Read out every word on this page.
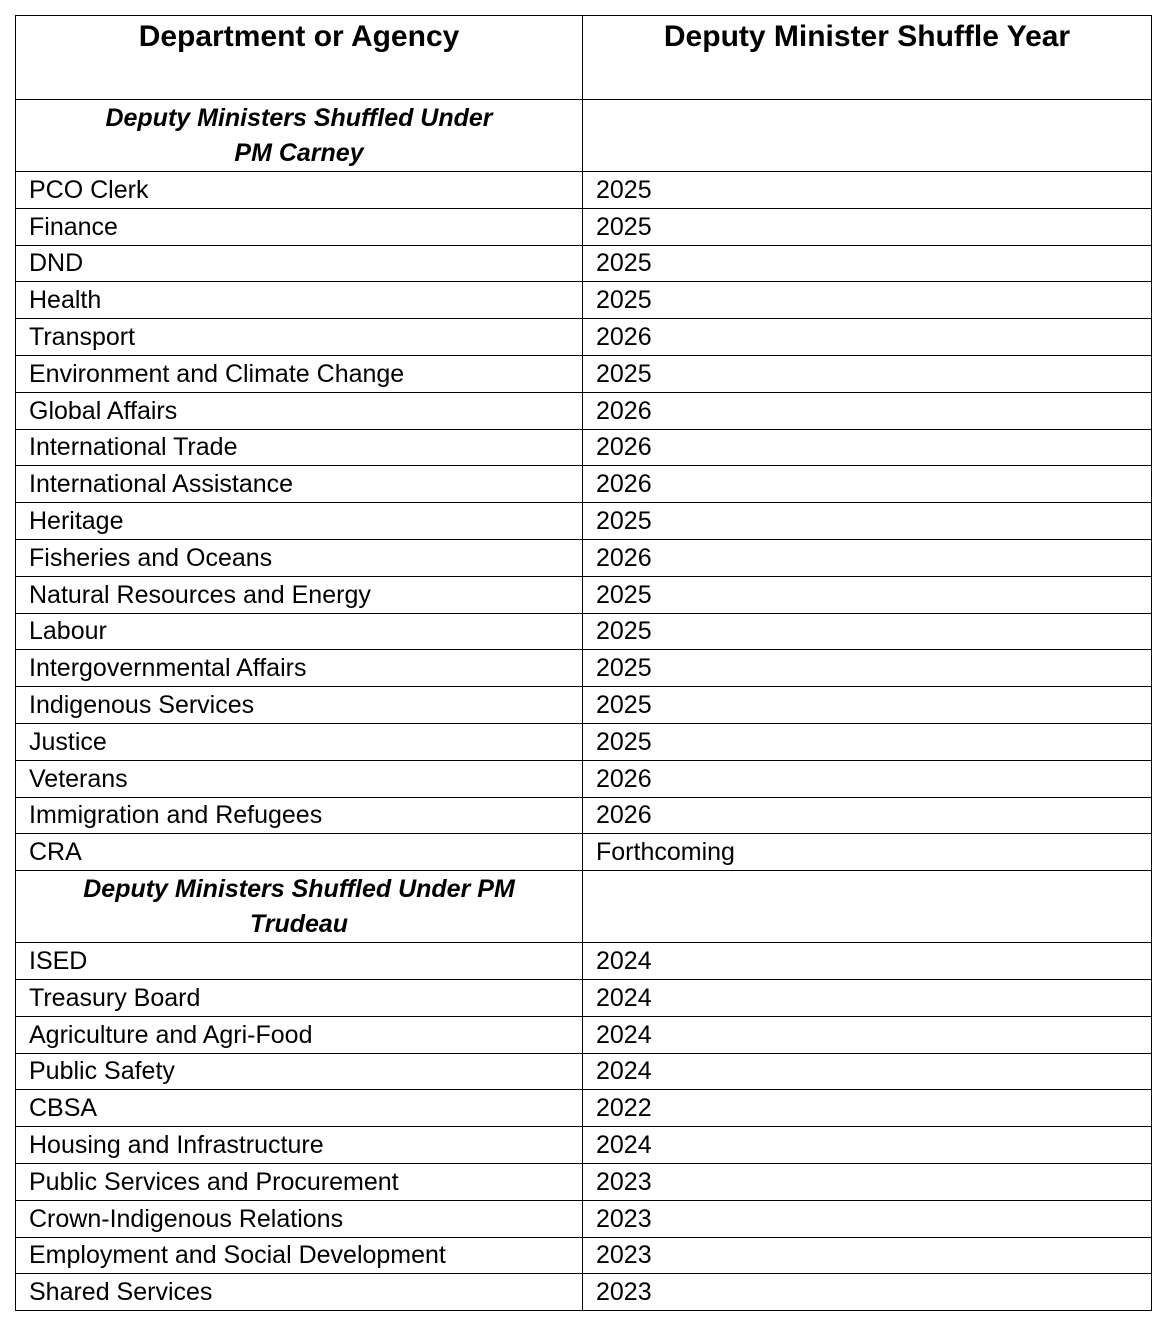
Department or Agency	Deputy Minister Shuffle Year
Deputy Ministers Shuffled Under
PM Carney	
PCO Clerk	2025
Finance	2025
DND	2025
Health	2025
Transport	2026
Environment and Climate Change	2025
Global Affairs	2026
International Trade	2026
International Assistance	2026
Heritage	2025
Fisheries and Oceans	2026
Natural Resources and Energy	2025
Labour	2025
Intergovernmental Affairs	2025
Indigenous Services	2025
Justice	2025
Veterans	2026
Immigration and Refugees	2026
CRA	Forthcoming
Deputy Ministers Shuffled Under PM
Trudeau	
ISED	2024
Treasury Board	2024
Agriculture and Agri-Food	2024
Public Safety	2024
CBSA	2022
Housing and Infrastructure	2024
Public Services and Procurement	2023
Crown-Indigenous Relations	2023
Employment and Social Development	2023
Shared Services	2023
